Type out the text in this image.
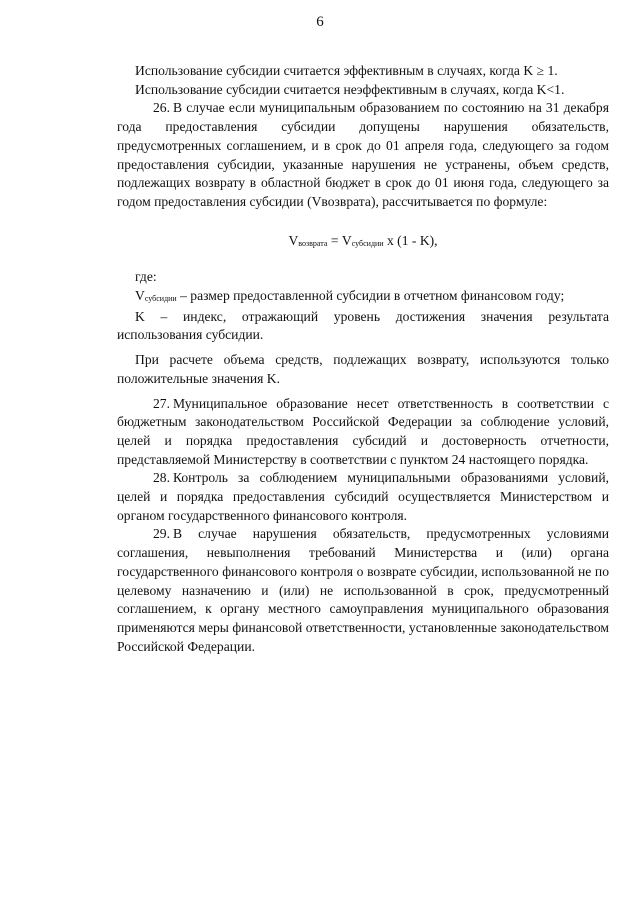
6

Использование субсидии считается эффективным в случаях, когда K ≥ 1.

Использование субсидии считается неэффективным в случаях, когда K<1.

26. В случае если муниципальным образованием по состоянию на 31 декабря года предоставления субсидии допущены нарушения обязательств, предусмотренных соглашением, и в срок до 01 апреля года, следующего за годом предоставления субсидии, указанные нарушения не устранены, объем средств, подлежащих возврату в областной бюджет в срок до 01 июня года, следующего за годом предоставления субсидии (Vвозврата), рассчитывается по формуле:

Vвозврата = Vсубсидии x (1 - K),

где:

Vсубсидии – размер предоставленной субсидии в отчетном финансовом году;

K – индекс, отражающий уровень достижения значения результата использования субсидии.

При расчете объема средств, подлежащих возврату, используются только положительные значения K.

27. Муниципальное образование несет ответственность в соответствии с бюджетным законодательством Российской Федерации за соблюдение условий, целей и порядка предоставления субсидий и достоверность отчетности, представляемой Министерству в соответствии с пунктом 24 настоящего порядка.

28. Контроль за соблюдением муниципальными образованиями условий, целей и порядка предоставления субсидий осуществляется Министерством и органом государственного финансового контроля.

29. В случае нарушения обязательств, предусмотренных условиями соглашения, невыполнения требований Министерства и (или) органа государственного финансового контроля о возврате субсидии, использованной не по целевому назначению и (или) не использованной в срок, предусмотренный соглашением, к органу местного самоуправления муниципального образования применяются меры финансовой ответственности, установленные законодательством Российской Федерации.
